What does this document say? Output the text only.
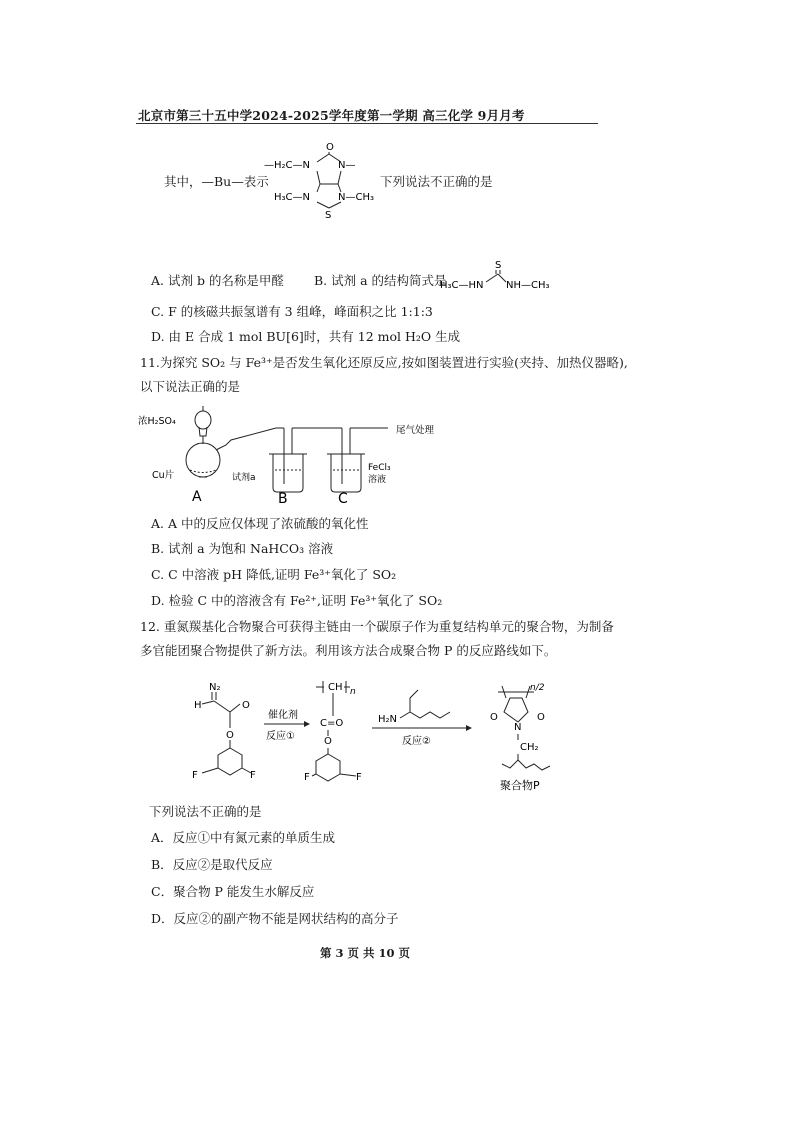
北京市第三十五中学2024-2025学年度第一学期 高三化学 9月月考
其中，—Bu—表示
—H₂C—N	N—
O
H₃C—N	N—CH₃
S
下列说法不正确的是
A. 试剂 b 的名称是甲醛 B. 试剂 a 的结构简式是
H₃C—HN NH—CH₃
S
C. F 的核磁共振氢谱有 3 组峰，峰面积之比 1:1:3
D. 由 E 合成 1 mol BU[6]时，共有 12 mol H₂O 生成
11.为探究 SO₂ 与 Fe³⁺是否发生氧化还原反应,按如图装置进行实验(夹持、加热仪器略),
以下说法正确的是
浓H₂SO₄
尾气处理
Cu片	试剂a
FeCl₃
溶液
A	B	C
A. A 中的反应仅体现了浓硫酸的氧化性
B. 试剂 a 为饱和 NaHCO₃ 溶液
C. C 中溶液 pH 降低,证明 Fe³⁺氧化了 SO₂
D. 检验 C 中的溶液含有 Fe²⁺,证明 Fe³⁺氧化了 SO₂
12. 重氮羰基化合物聚合可获得主链由一个碳原子作为重复结构单元的聚合物，为制备
多官能团聚合物提供了新方法。利用该方法合成聚合物 P 的反应路线如下。
N₂
H	O
O
F	F
催化剂
反应①
CH n
C=O
O
F	F
H₂N
反应②
n/2
O	O
N
CH₂
聚合物P
下列说法不正确的是
A．反应①中有氮元素的单质生成
B．反应②是取代反应
C．聚合物 P 能发生水解反应
D．反应②的副产物不能是网状结构的高分子
第 3 页 共 10 页
